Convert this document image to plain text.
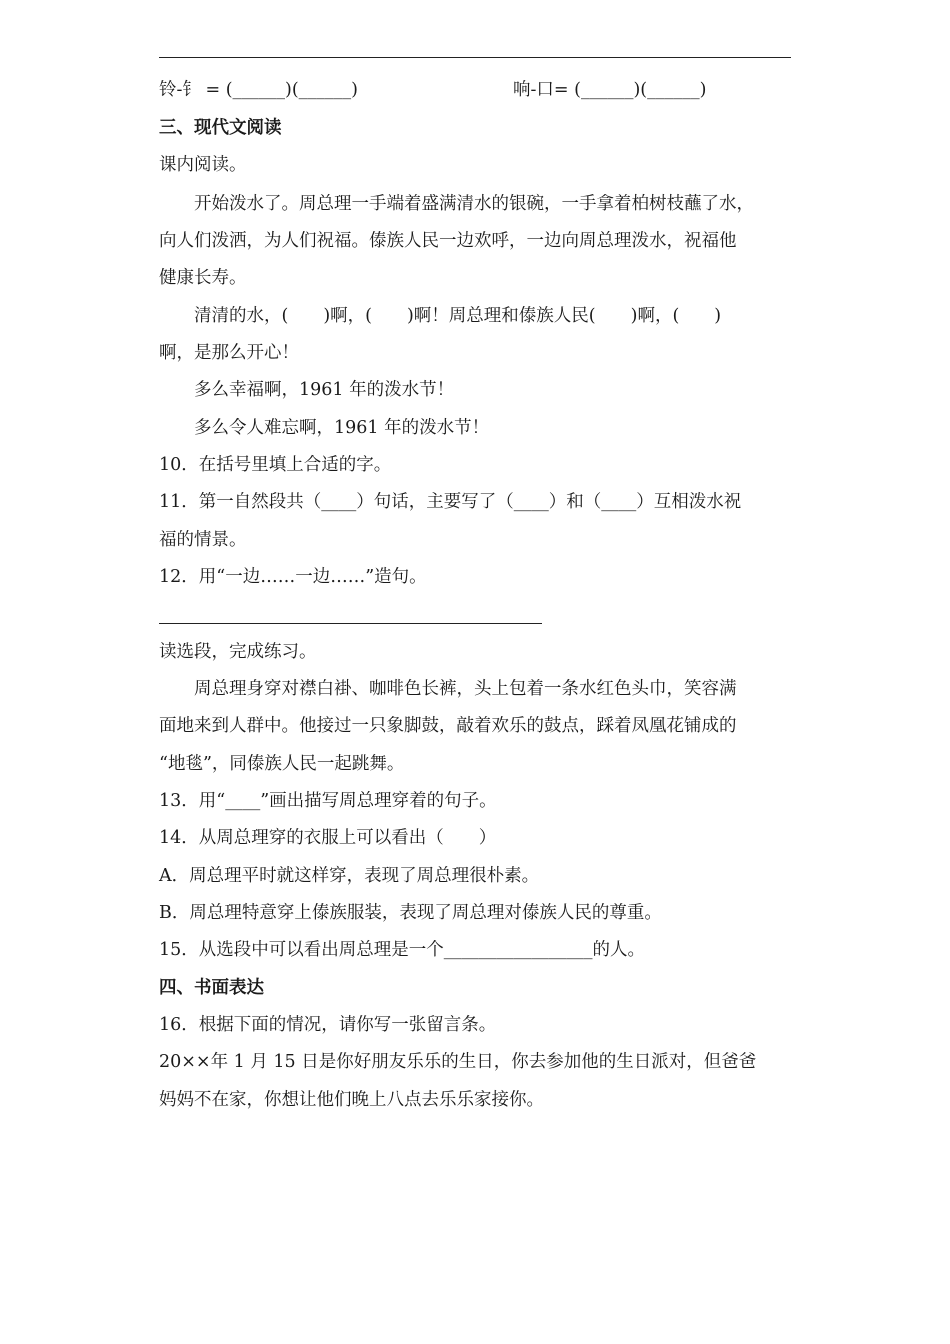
铃-钅 = (______)(______)	响-口= (______)(______)
三、现代文阅读
课内阅读。
开始泼水了。周总理一手端着盛满清水的银碗，一手拿着柏树枝蘸了水，
向人们泼洒，为人们祝福。傣族人民一边欢呼，一边向周总理泼水，祝福他
健康长寿。
清清的水，(　　)啊，(　　)啊！周总理和傣族人民(　　)啊，(　　)
啊，是那么开心！
多么幸福啊，1961 年的泼水节！
多么令人难忘啊，1961 年的泼水节！
10．在括号里填上合适的字。
11．第一自然段共（____）句话，主要写了（____）和（____）互相泼水祝
福的情景。
12．用“一边……一边……”造句。
读选段，完成练习。
周总理身穿对襟白褂、咖啡色长裤，头上包着一条水红色头巾，笑容满
面地来到人群中。他接过一只象脚鼓，敲着欢乐的鼓点，踩着凤凰花铺成的
“地毯”，同傣族人民一起跳舞。
13．用“____”画出描写周总理穿着的句子。
14．从周总理穿的衣服上可以看出（　　）
A．周总理平时就这样穿，表现了周总理很朴素。
B．周总理特意穿上傣族服装，表现了周总理对傣族人民的尊重。
15．从选段中可以看出周总理是一个_________________的人。
四、书面表达
16．根据下面的情况，请你写一张留言条。
20××年 1 月 15 日是你好朋友乐乐的生日，你去参加他的生日派对，但爸爸
妈妈不在家，你想让他们晚上八点去乐乐家接你。
